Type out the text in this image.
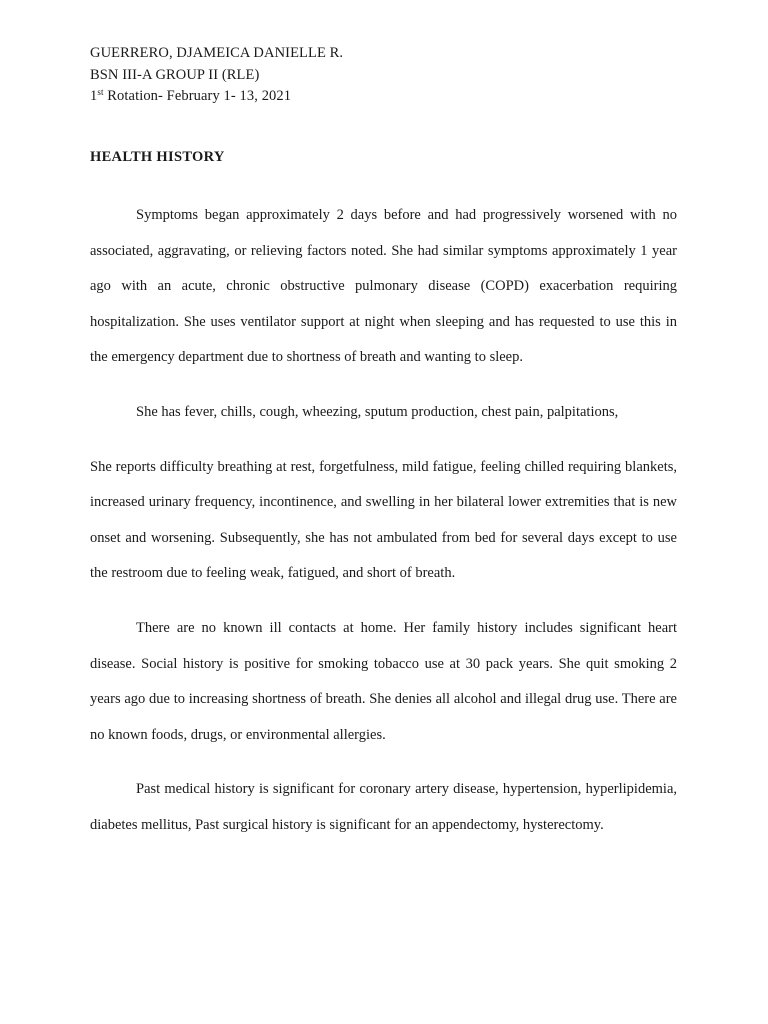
GUERRERO, DJAMEICA DANIELLE R.
BSN III-A GROUP II (RLE)
1st Rotation- February 1- 13, 2021
HEALTH HISTORY

Symptoms began approximately 2 days before and had progressively worsened with no associated, aggravating, or relieving factors noted. She had similar symptoms approximately 1 year ago with an acute, chronic obstructive pulmonary disease (COPD) exacerbation requiring hospitalization. She uses ventilator support at night when sleeping and has requested to use this in the emergency department due to shortness of breath and wanting to sleep.

She has fever, chills, cough, wheezing, sputum production, chest pain, palpitations,

She reports difficulty breathing at rest, forgetfulness, mild fatigue, feeling chilled requiring blankets, increased urinary frequency, incontinence, and swelling in her bilateral lower extremities that is new onset and worsening. Subsequently, she has not ambulated from bed for several days except to use the restroom due to feeling weak, fatigued, and short of breath.

There are no known ill contacts at home. Her family history includes significant heart disease. Social history is positive for smoking tobacco use at 30 pack years. She quit smoking 2 years ago due to increasing shortness of breath. She denies all alcohol and illegal drug use. There are no known foods, drugs, or environmental allergies.

Past medical history is significant for coronary artery disease, hypertension, hyperlipidemia, diabetes mellitus, Past surgical history is significant for an appendectomy, hysterectomy.
